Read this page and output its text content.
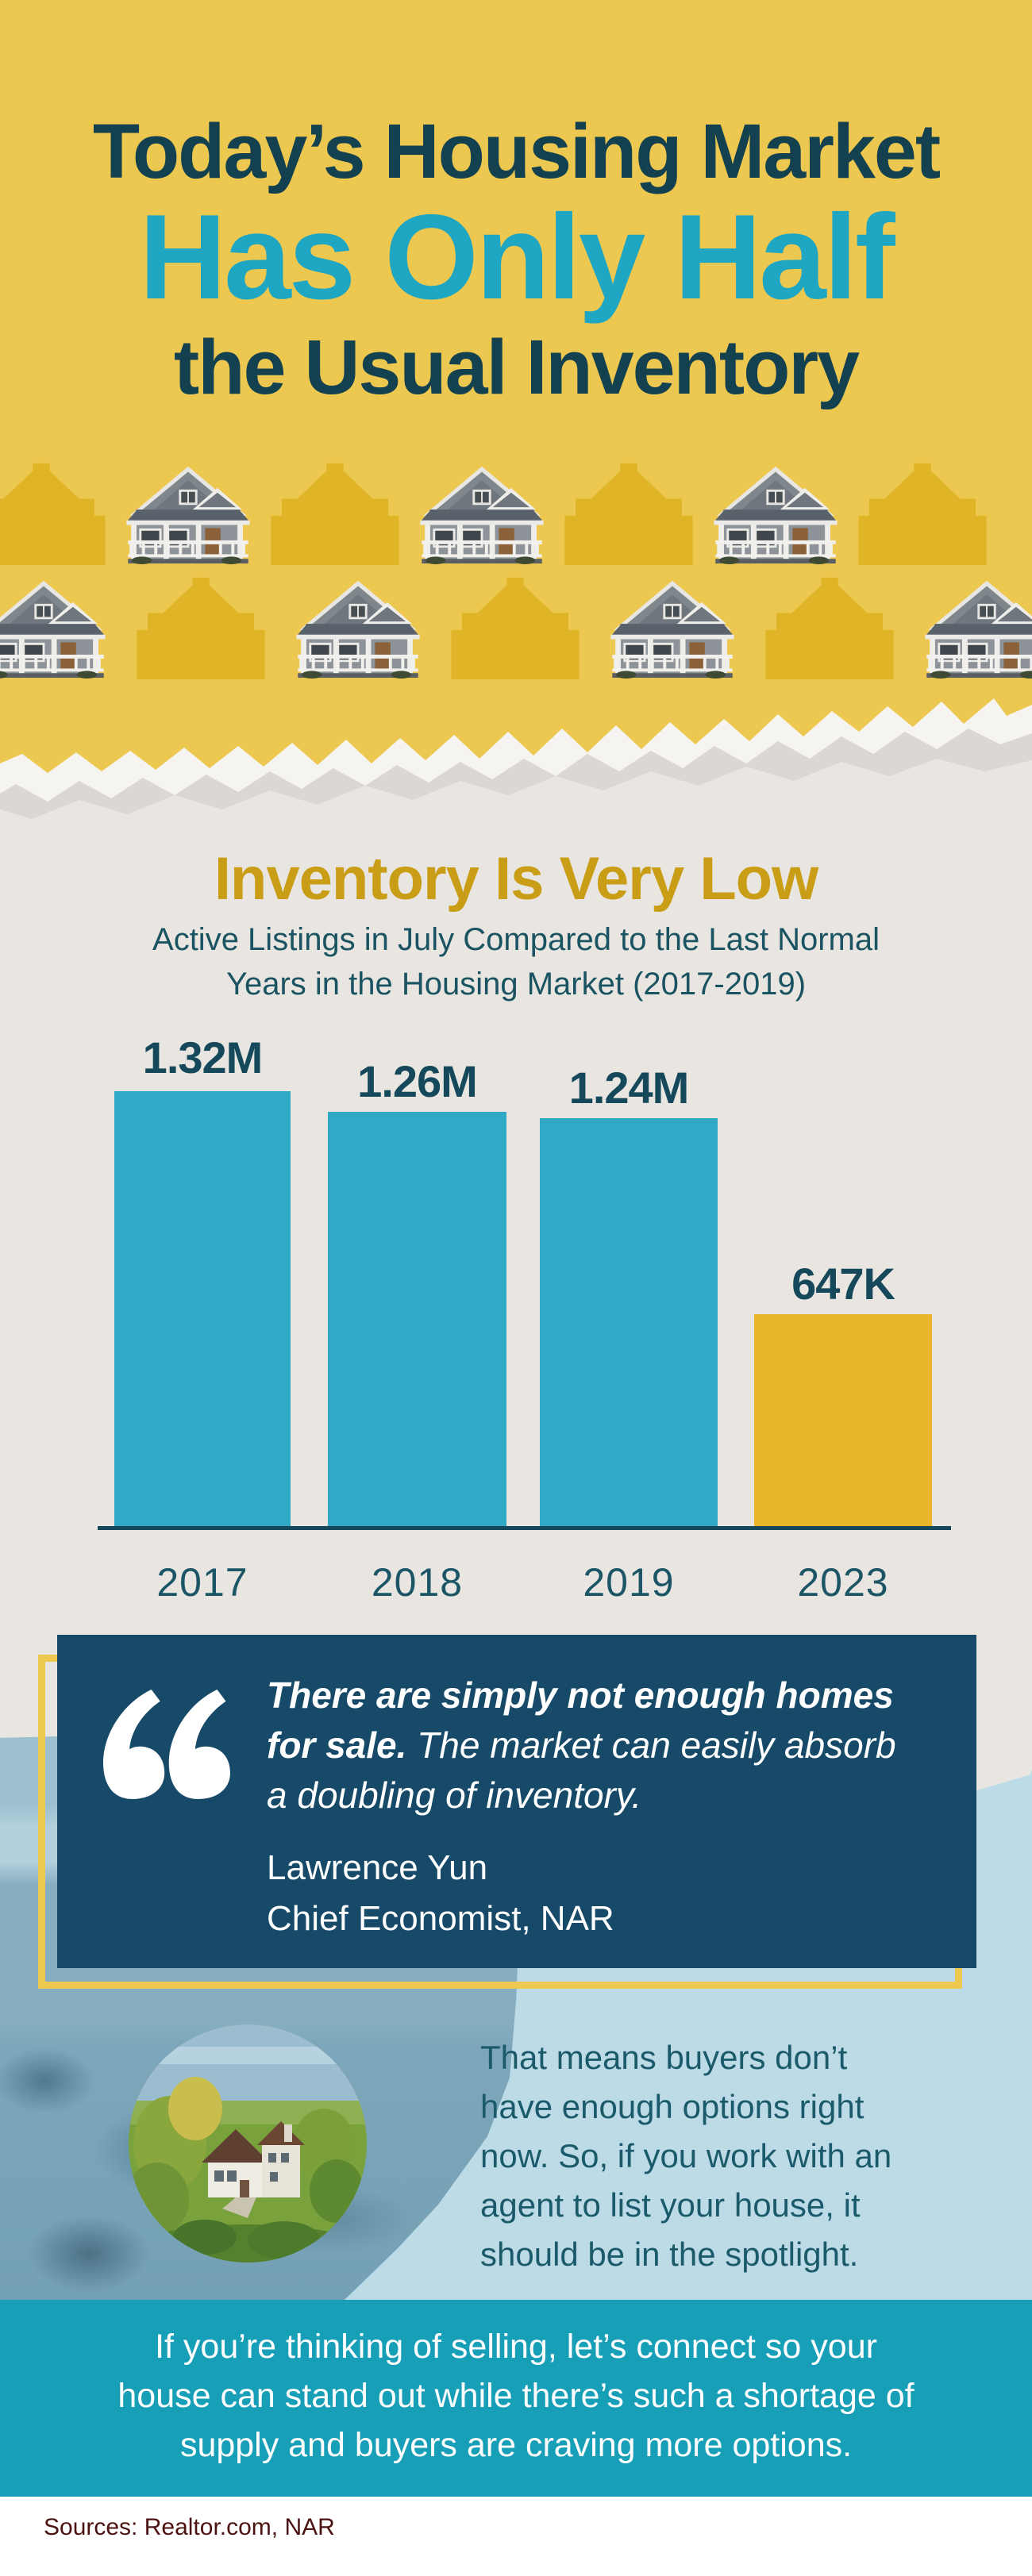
Today’s Housing Market
Has Only Half
the Usual Inventory
Inventory Is Very Low
Active Listings in July Compared to the Last Normal
Years in the Housing Market (2017-2019)
1.32M	1.26M	1.24M
647K
2017	2018	2019	2023
There are simply not enough homes
for sale. The market can easily absorb
a doubling of inventory.
Lawrence Yun
Chief Economist, NAR
That means buyers don’t
have enough options right
now. So, if you work with an
agent to list your house, it
should be in the spotlight.
If you’re thinking of selling, let’s connect so your
house can stand out while there’s such a shortage of
supply and buyers are craving more options.
Sources: Realtor.com, NAR
